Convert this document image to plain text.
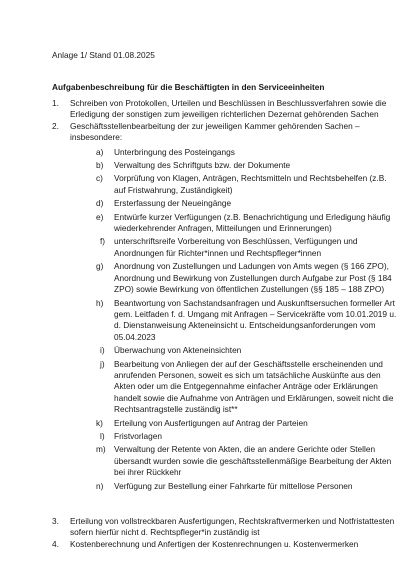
Anlage 1/ Stand 01.08.2025
Aufgabenbeschreibung für die Beschäftigten in den Serviceeinheiten
1. Schreiben von Protokollen, Urteilen und Beschlüssen in Beschlussverfahren sowie die Erledigung der sonstigen zum jeweiligen richterlichen Dezernat gehörenden Sachen
2. Geschäftsstellenbearbeitung der zur jeweiligen Kammer gehörenden Sachen – insbesondere:
a)	Unterbringung des Posteingangs
b)	Verwaltung des Schriftguts bzw. der Dokumente
c)	Vorprüfung von Klagen, Anträgen, Rechtsmitteln und Rechtsbehelfen (z.B. auf Fristwahrung, Zuständigkeit)
d)	Ersterfassung der Neueingänge
e)	Entwürfe kurzer Verfügungen (z.B. Benachrichtigung und Erledigung häufig wiederkehrender Anfragen, Mitteilungen und Erinnerungen)
f)	unterschriftsreife Vorbereitung von Beschlüssen, Verfügungen und Anordnungen für Richter*innen und Rechtspfleger*innen
g)	Anordnung von Zustellungen und Ladungen von Amts wegen (§ 166 ZPO), Anordnung und Bewirkung von Zustellungen durch Aufgabe zur Post (§ 184 ZPO) sowie Bewirkung von öffentlichen Zustellungen (§§ 185 – 188 ZPO)
h)	Beantwortung von Sachstandsanfragen und Auskunftsersuchen formeller Art gem. Leitfaden f. d. Umgang mit Anfragen – Servicekräfte vom 10.01.2019 u. d. Dienstanweisung Akteneinsicht u. Entscheidungsanforderungen vom 05.04.2023
i)	Überwachung von Akteneinsichten
j)	Bearbeitung von Anliegen der auf der Geschäftsstelle erscheinenden und anrufenden Personen, soweit es sich um tatsächliche Auskünfte aus den Akten oder um die Entgegennahme einfacher Anträge oder Erklärungen handelt sowie die Aufnahme von Anträgen und Erklärungen, soweit nicht die Rechtsantragstelle zuständig ist**
k)	Erteilung von Ausfertigungen auf Antrag der Parteien
l)	Fristvorlagen
m)	Verwaltung der Retente von Akten, die an andere Gerichte oder Stellen übersandt wurden sowie die geschäftsstellenmäßige Bearbeitung der Akten bei ihrer Rückkehr
n)	Verfügung zur Bestellung einer Fahrkarte für mittellose Personen
3. Erteilung von vollstreckbaren Ausfertigungen, Rechtskraftvermerken und Notfristattesten sofern hierfür nicht d. Rechtspfleger*in zuständig ist
4. Kostenberechnung und Anfertigen der Kostenrechnungen u. Kostenvermerken
